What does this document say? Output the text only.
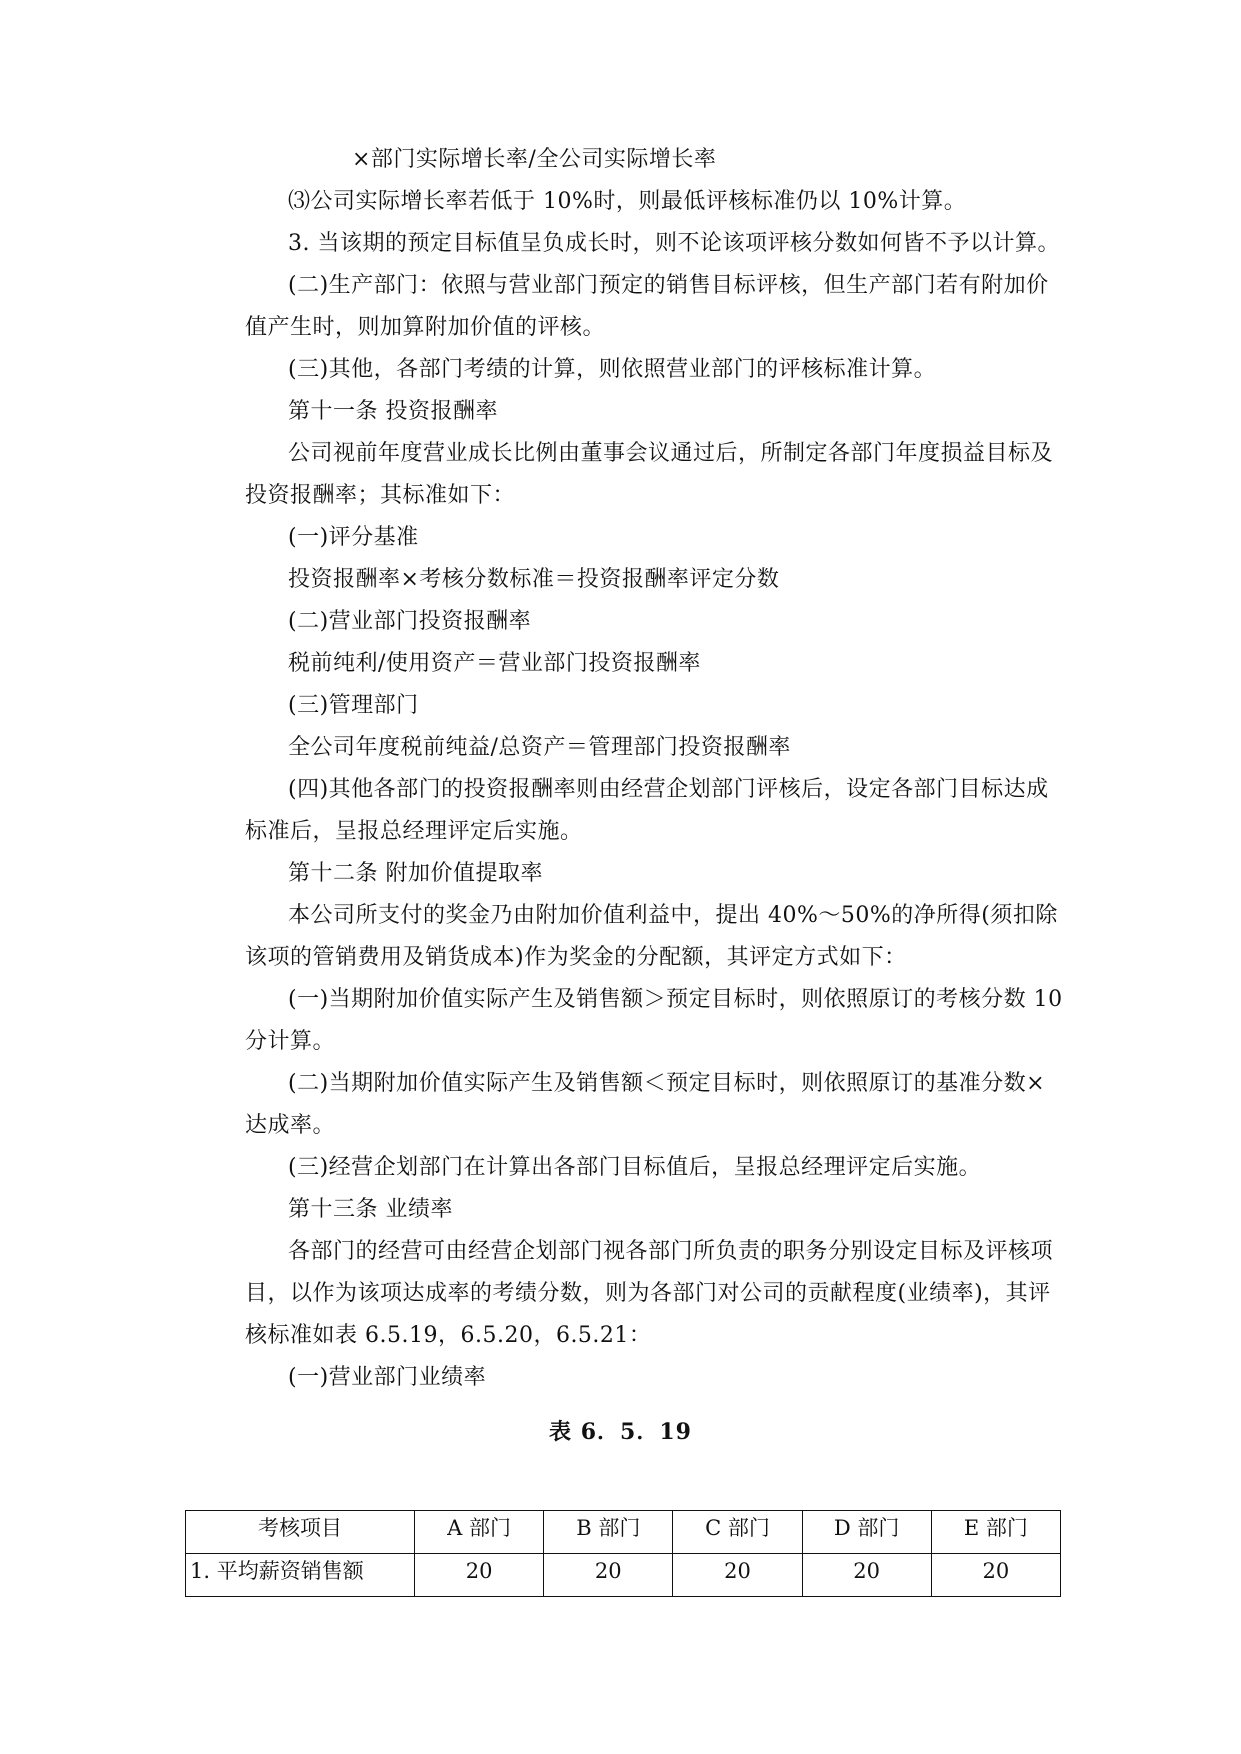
×部门实际增长率/全公司实际增长率
⑶公司实际增长率若低于 10%时，则最低评核标准仍以 10%计算。
3. 当该期的预定目标值呈负成长时，则不论该项评核分数如何皆不予以计算。
(二)生产部门：依照与营业部门预定的销售目标评核，但生产部门若有附加价
值产生时，则加算附加价值的评核。
(三)其他，各部门考绩的计算，则依照营业部门的评核标准计算。
第十一条 投资报酬率
公司视前年度营业成长比例由董事会议通过后，所制定各部门年度损益目标及
投资报酬率；其标准如下：
(一)评分基准
投资报酬率×考核分数标准＝投资报酬率评定分数
(二)营业部门投资报酬率
税前纯利/使用资产＝营业部门投资报酬率
(三)管理部门
全公司年度税前纯益/总资产＝管理部门投资报酬率
(四)其他各部门的投资报酬率则由经营企划部门评核后，设定各部门目标达成
标准后，呈报总经理评定后实施。
第十二条 附加价值提取率
本公司所支付的奖金乃由附加价值利益中，提出 40%～50%的净所得(须扣除
该项的管销费用及销货成本)作为奖金的分配额，其评定方式如下：
(一)当期附加价值实际产生及销售额＞预定目标时，则依照原订的考核分数 10
分计算。
(二)当期附加价值实际产生及销售额＜预定目标时，则依照原订的基准分数×
达成率。
(三)经营企划部门在计算出各部门目标值后，呈报总经理评定后实施。
第十三条 业绩率
各部门的经营可由经营企划部门视各部门所负责的职务分别设定目标及评核项
目，以作为该项达成率的考绩分数，则为各部门对公司的贡献程度(业绩率)，其评
核标准如表 6.5.19，6.5.20，6.5.21：
(一)营业部门业绩率
表 6．5．19
考核项目	A 部门	B 部门	C 部门	D 部门	E 部门
1. 平均薪资销售额	20	20	20	20	20
